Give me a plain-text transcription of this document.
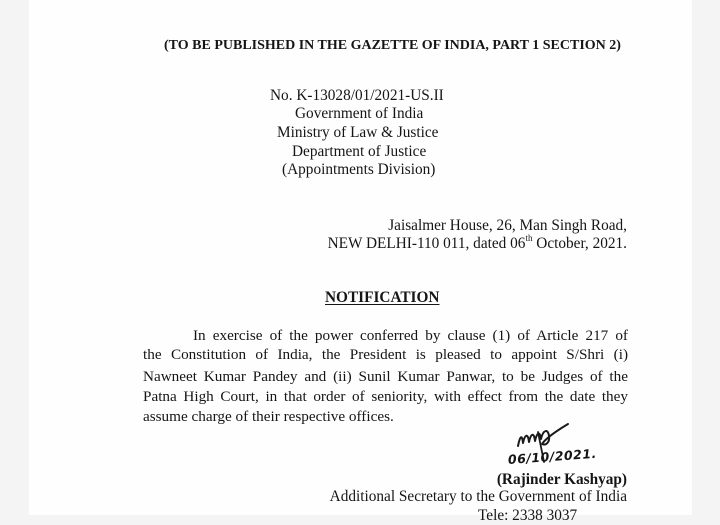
(TO BE PUBLISHED IN THE GAZETTE OF INDIA, PART 1 SECTION 2)
No. K-13028/01/2021-US.II
Government of India
Ministry of Law & Justice
Department of Justice
(Appointments Division)
Jaisalmer House, 26, Man Singh Road,
NEW DELHI-110 011, dated 06th October, 2021.
NOTIFICATION
In exercise of the power conferred by clause (1) of Article 217 of
the Constitution of India, the President is pleased to appoint S/Shri (i)
Nawneet Kumar Pandey and (ii) Sunil Kumar Panwar, to be Judges of the
Patna High Court, in that order of seniority, with effect from the date they
assume charge of their respective offices.
06/10/2021.
(Rajinder Kashyap)
Additional Secretary to the Government of India
Tele: 2338 3037
